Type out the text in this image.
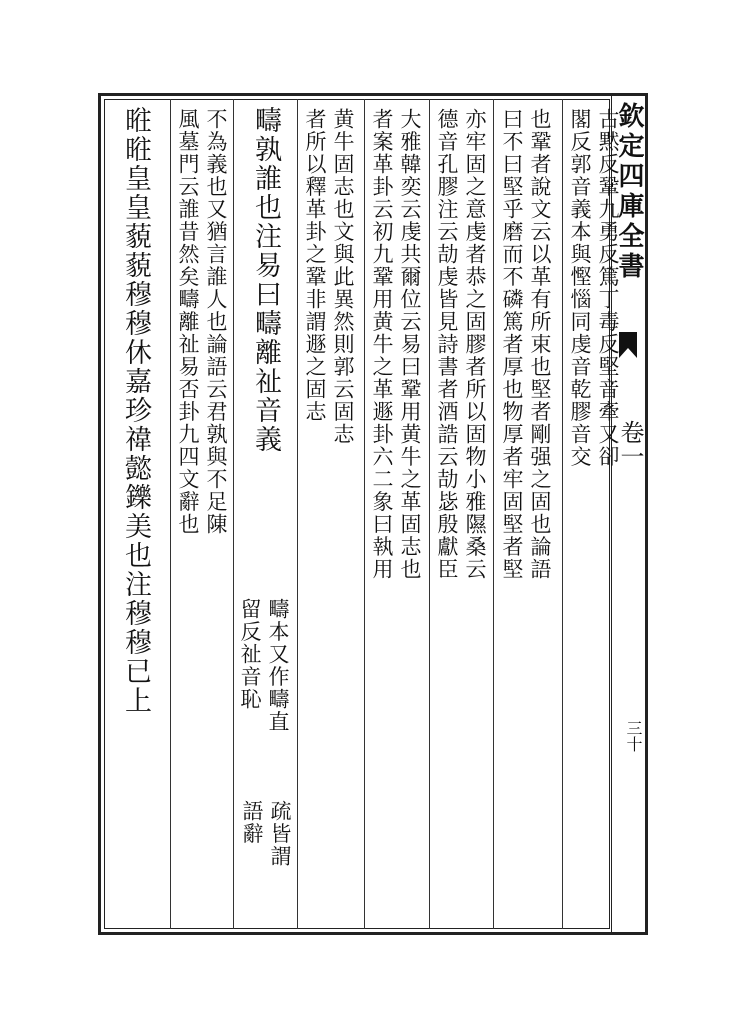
欽定四庫全書
卷一
三十
古黙反鞏九勇反篤丁毒反堅音牽又卻
閣反郭音義本與慳惱同虔音乾膠音交
也鞏者說文云以革有所束也堅者剛强之固也論語
曰不曰堅乎磨而不磷篤者厚也物厚者牢固堅者堅
亦牢固之意虔者恭之固膠者所以固物小雅隰桑云
德音孔膠注云劼虔皆見詩書者酒誥云劼毖殷獻臣
大雅韓奕云虔共爾位云易曰鞏用黄牛之革固志也
者案革卦云初九鞏用黄牛之革遯卦六二象曰執用
黄牛固志也文與此異然則郭云固志
者所以釋革卦之鞏非謂遯之固志
疇孰誰也注易曰疇離祉音義
疇本又作疇直
留反祉音恥
疏皆謂
語辭
不為義也又猶言誰人也論語云君孰與不足陳
風墓門云誰昔然矣疇離祉易否卦九四文辭也
暀暀皇皇藐藐穆穆休嘉珍禕懿鑠美也注穆穆已上
